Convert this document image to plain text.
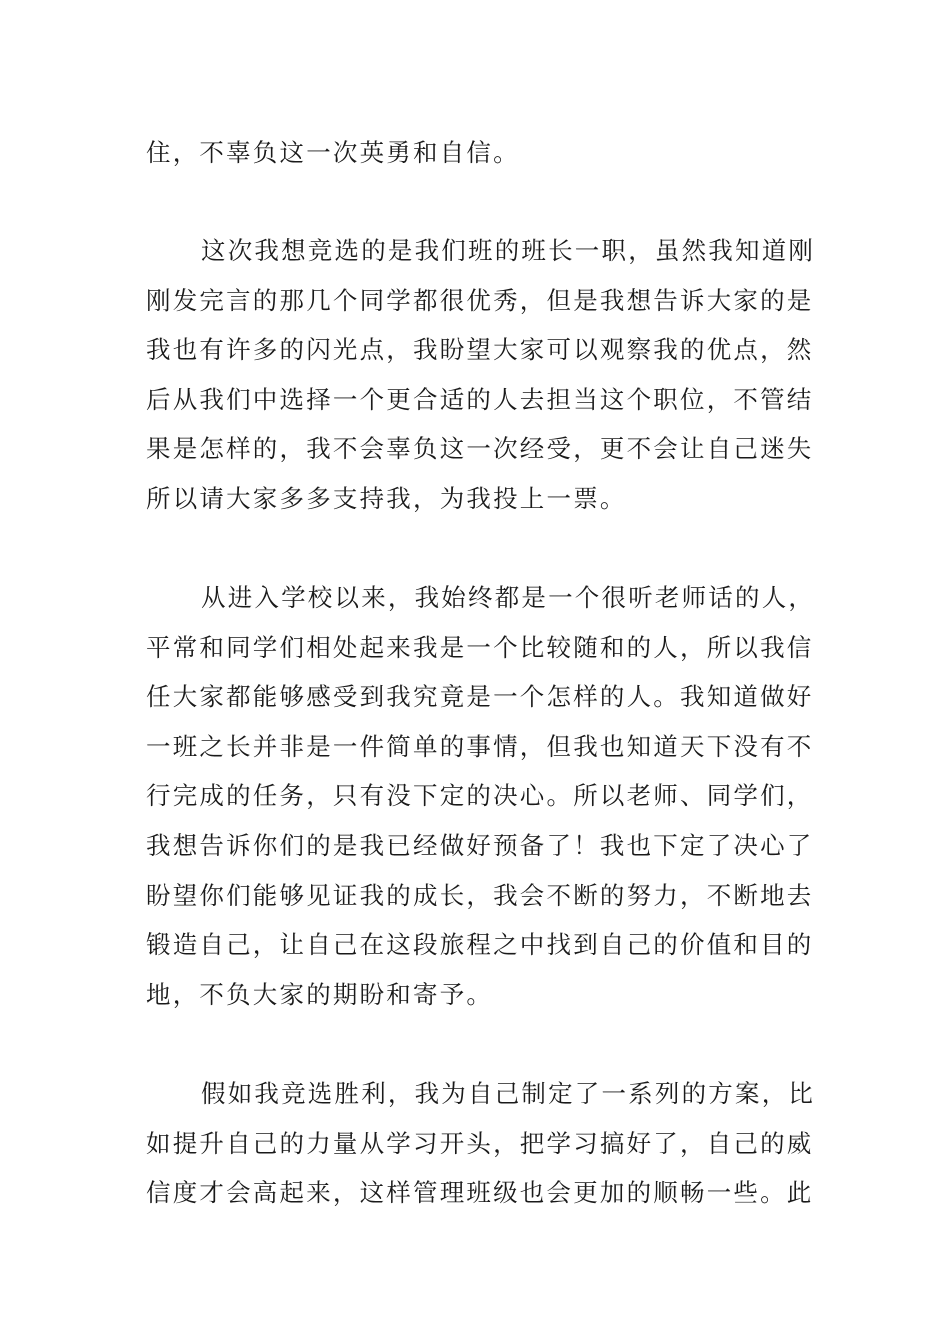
住，不辜负这一次英勇和自信。
这次我想竞选的是我们班的班长一职，虽然我知道刚
刚发完言的那几个同学都很优秀，但是我想告诉大家的是
我也有许多的闪光点，我盼望大家可以观察我的优点，然
后从我们中选择一个更合适的人去担当这个职位，不管结
果是怎样的，我不会辜负这一次经受，更不会让自己迷失
所以请大家多多支持我，为我投上一票。
从进入学校以来，我始终都是一个很听老师话的人，
平常和同学们相处起来我是一个比较随和的人，所以我信
任大家都能够感受到我究竟是一个怎样的人。我知道做好
一班之长并非是一件简单的事情，但我也知道天下没有不
行完成的任务，只有没下定的决心。所以老师、同学们，
我想告诉你们的是我已经做好预备了！我也下定了决心了
盼望你们能够见证我的成长，我会不断的努力，不断地去
锻造自己，让自己在这段旅程之中找到自己的价值和目的
地，不负大家的期盼和寄予。
假如我竞选胜利，我为自己制定了一系列的方案，比
如提升自己的力量从学习开头，把学习搞好了，自己的威
信度才会高起来，这样管理班级也会更加的顺畅一些。此
